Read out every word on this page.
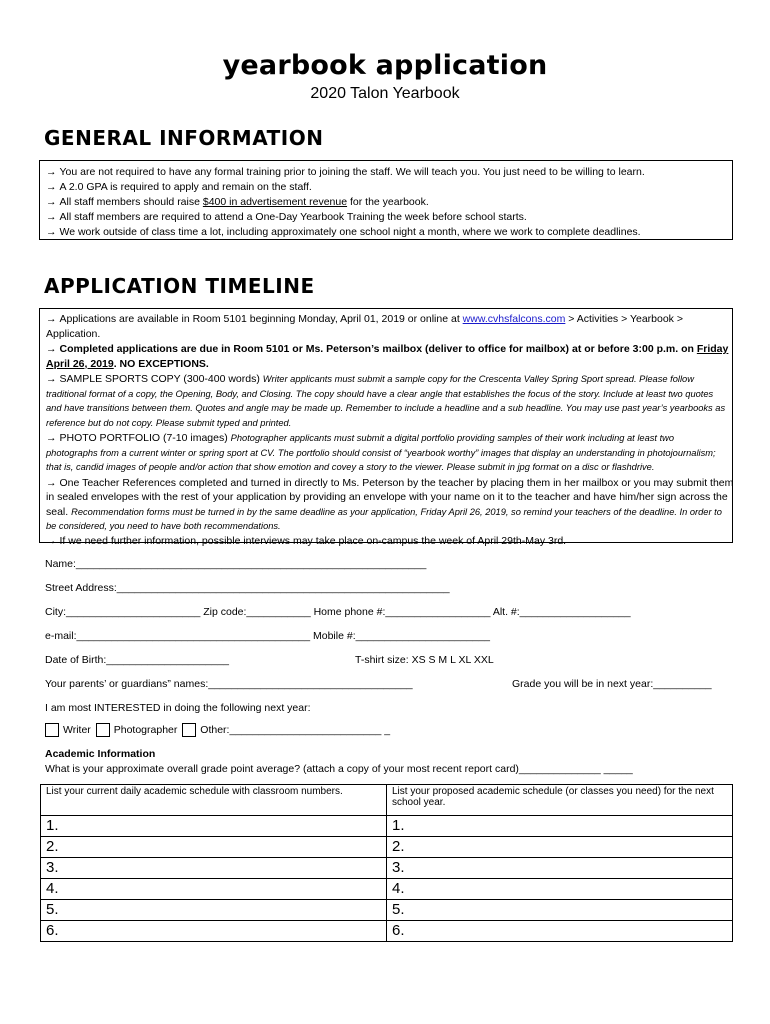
yearbook application
2020 Talon Yearbook
GENERAL INFORMATION
→ You are not required to have any formal training prior to joining the staff. We will teach you. You just need to be willing to learn.
→ A 2.0 GPA is required to apply and remain on the staff.
→ All staff members should raise $400 in advertisement revenue for the yearbook.
→ All staff members are required to attend a One-Day Yearbook Training the week before school starts.
→ We work outside of class time a lot, including approximately one school night a month, where we work to complete deadlines.
APPLICATION TIMELINE
→ Applications are available in Room 5101 beginning Monday, April 01, 2019 or online at www.cvhsfalcons.com > Activities > Yearbook >
Application.
→ Completed applications are due in Room 5101 or Ms. Peterson’s mailbox (deliver to office for mailbox) at or before 3:00 p.m. on Friday
April 26, 2019. NO EXCEPTIONS.
→ SAMPLE SPORTS COPY (300-400 words) Writer applicants must submit a sample copy for the Crescenta Valley Spring Sport spread. Please follow
traditional format of a copy, the Opening, Body, and Closing. The copy should have a clear angle that establishes the focus of the story. Include at least two quotes
and have transitions between them. Quotes and angle may be made up. Remember to include a headline and a sub headline. You may use past year’s yearbooks as
reference but do not copy. Please submit typed and printed.
→ PHOTO PORTFOLIO (7-10 images) Photographer applicants must submit a digital portfolio providing samples of their work including at least two
photographs from a current winter or spring sport at CV. The portfolio should consist of “yearbook worthy” images that display an understanding in photojournalism;
that is, candid images of people and/or action that show emotion and covey a story to the viewer. Please submit in jpg format on a disc or flashdrive.
→ One Teacher References completed and turned in directly to Ms. Peterson by the teacher by placing them in her mailbox or you may submit them
in sealed envelopes with the rest of your application by providing an envelope with your name on it to the teacher and have him/her sign across the
seal. Recommendation forms must be turned in by the same deadline as your application, Friday April 26, 2019, so remind your teachers of the deadline. In order to
be considered, you need to have both recommendations.
→ If we need further information, possible interviews may take place on-campus the week of April 29th-May 3rd.
Name:____________________________________________________________
Street Address:_________________________________________________________
City:_______________________ Zip code:___________ Home phone #:__________________ Alt. #:___________________
e-mail:________________________________________ Mobile #:_______________________
Date of Birth:_____________________	T-shirt size: XS S M L XL XXL
Your parents’ or guardians” names:___________________________________	Grade you will be in next year:__________
I am most INTERESTED in doing the following next year:
Writer Photographer Other:__________________________ _
Academic Information
What is your approximate overall grade point average? (attach a copy of your most recent report card)______________ _____
List your current daily academic schedule with classroom numbers.	List your proposed academic schedule (or classes you need) for the next school year.
1.	1.
2.	2.
3.	3.
4.	4.
5.	5.
6.	6.
